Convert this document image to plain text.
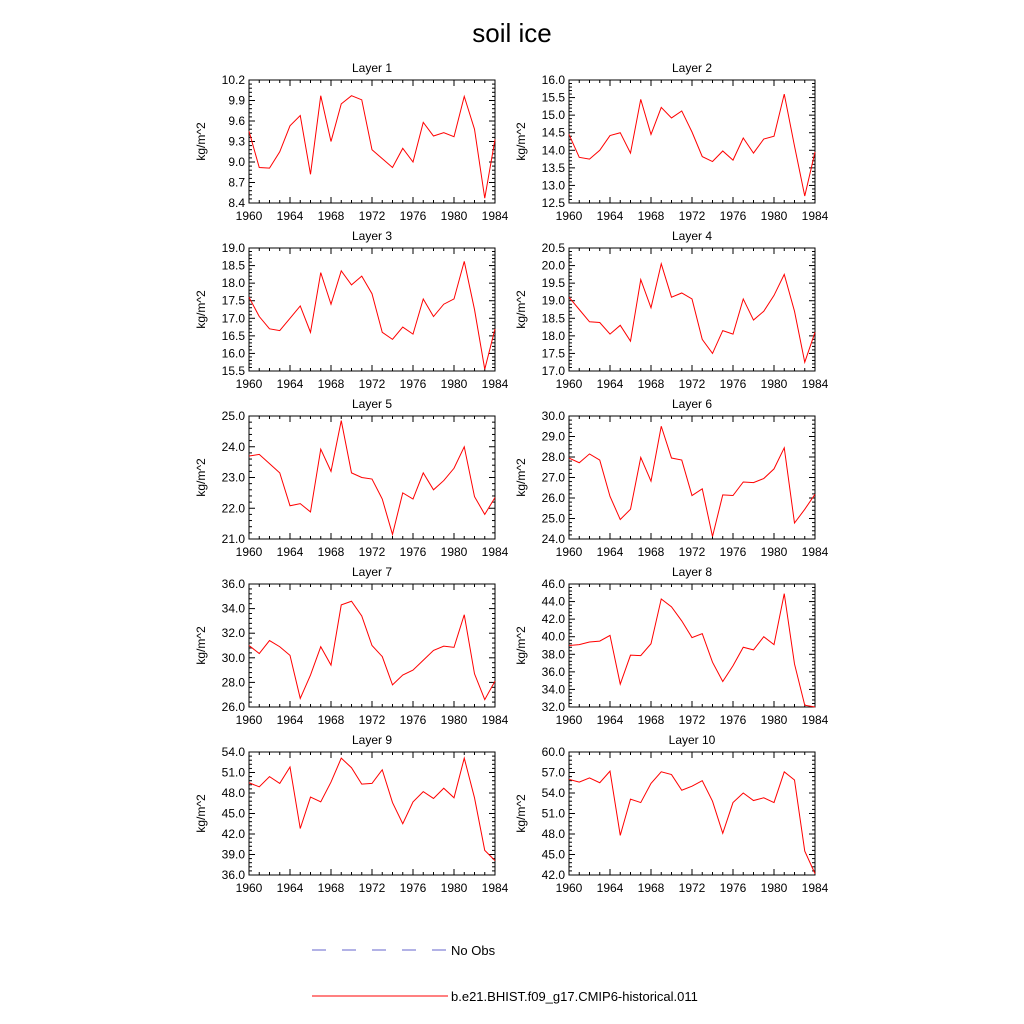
soil ice
Layer 1
kg/m^2
1960 1964 1968 1972 1976 1980 1984
8.4
8.7
9.0
9.3
9.6
9.9
10.2
Layer 2
kg/m^2
1960 1964 1968 1972 1976 1980 1984
12.5
13.0
13.5
14.0
14.5
15.0
15.5
16.0
Layer 3
kg/m^2
1960 1964 1968 1972 1976 1980 1984
15.5
16.0
16.5
17.0
17.5
18.0
18.5
19.0
Layer 4
kg/m^2
1960 1964 1968 1972 1976 1980 1984
17.0
17.5
18.0
18.5
19.0
19.5
20.0
20.5
Layer 5
kg/m^2
1960 1964 1968 1972 1976 1980 1984
21.0
22.0
23.0
24.0
25.0
Layer 6
kg/m^2
1960 1964 1968 1972 1976 1980 1984
24.0
25.0
26.0
27.0
28.0
29.0
30.0
Layer 7
kg/m^2
1960 1964 1968 1972 1976 1980 1984
26.0
28.0
30.0
32.0
34.0
36.0
Layer 8
kg/m^2
1960 1964 1968 1972 1976 1980 1984
32.0
34.0
36.0
38.0
40.0
42.0
44.0
46.0
Layer 9
kg/m^2
1960 1964 1968 1972 1976 1980 1984
36.0
39.0
42.0
45.0
48.0
51.0
54.0
Layer 10
kg/m^2
1960 1964 1968 1972 1976 1980 1984
42.0
45.0
48.0
51.0
54.0
57.0
60.0
No Obs
b.e21.BHIST.f09_g17.CMIP6-historical.011
